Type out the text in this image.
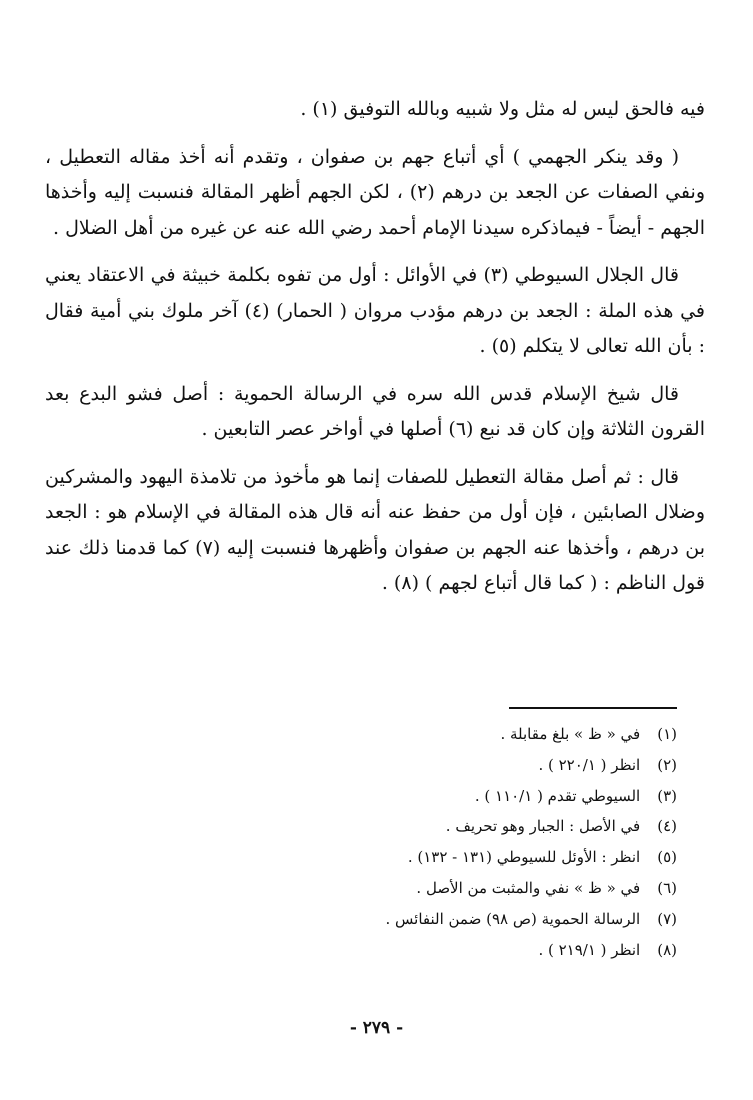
فيه فالحق ليس له مثل ولا شبيه وبالله التوفيق (١) .

( وقد ينكر الجهمي ) أي أتباع جهم بن صفوان ، وتقدم أنه أخذ مقاله التعطيل ، ونفي الصفات عن الجعد بن درهم (٢) ، لكن الجهم أظهر المقالة فنسبت إليه وأخذها الجهم - أيضاً - فيماذكره سيدنا الإمام أحمد رضي الله عنه عن غيره من أهل الضلال .

قال الجلال السيوطي (٣) في الأوائل : أول من تفوه بكلمة خبيثة في الاعتقاد يعني في هذه الملة : الجعد بن درهم مؤدب مروان ( الحمار) (٤) آخر ملوك بني أمية فقال : بأن الله تعالى لا يتكلم (٥) .

قال شيخ الإسلام قدس الله سره في الرسالة الحموية : أصل فشو البدع بعد القرون الثلاثة وإن كان قد نبع (٦) أصلها في أواخر عصر التابعين .

قال : ثم أصل مقالة التعطيل للصفات إنما هو مأخوذ من تلامذة اليهود والمشركين وضلال الصابئين ، فإن أول من حفظ عنه أنه قال هذه المقالة في الإسلام هو : الجعد بن درهم ، وأخذها عنه الجهم بن صفوان وأظهرها فنسبت إليه (٧) كما قدمنا ذلك عند قول الناظم : ( كما قال أتباع لجهم ) (٨) .

(١) في « ظ » بلغ مقابلة .
(٢) انظر ( ٢٢٠/١ ) .
(٣) السيوطي تقدم ( ١١٠/١ ) .
(٤) في الأصل : الجبار وهو تحريف .
(٥) انظر : الأوئل للسيوطي (١٣١ - ١٣٢) .
(٦) في « ظ » نفي والمثبت من الأصل .
(٧) الرسالة الحموية (ص ٩٨) ضمن النفائس .
(٨) انظر ( ٢١٩/١ ) .
- ٢٧٩ -
